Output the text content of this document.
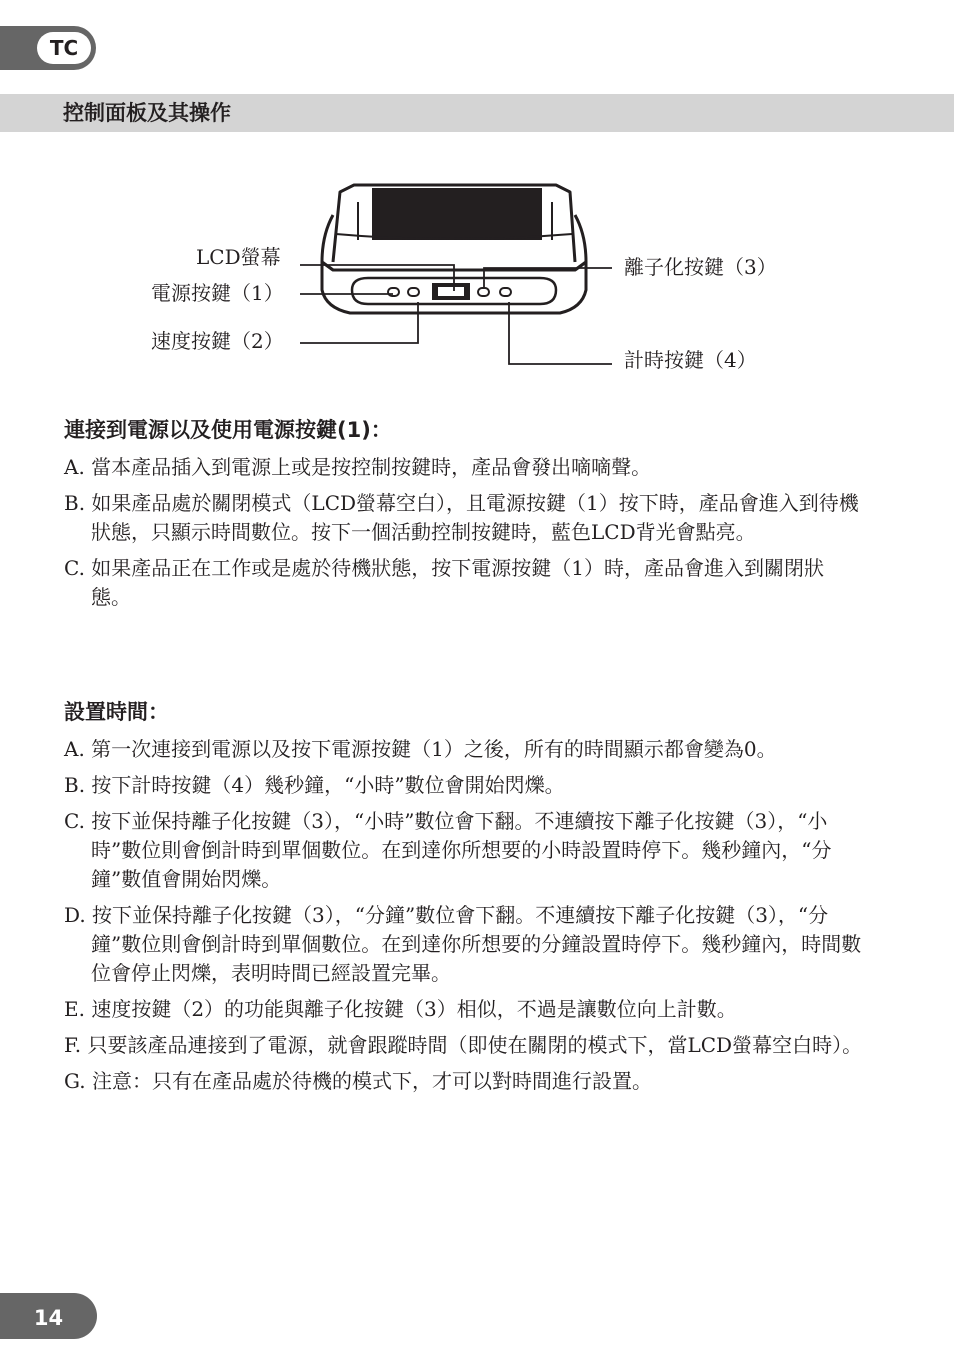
TC
控制面板及其操作
LCD螢幕
電源按鍵（1）
速度按鍵（2）
離子化按鍵（3）
計時按鍵（4）
連接到電源以及使用電源按鍵(1)：
A. 當本產品插入到電源上或是按控制按鍵時，產品會發出嘀嘀聲。
B. 如果產品處於關閉模式（LCD螢幕空白），且電源按鍵（1）按下時，產品會進入到待機狀態，只顯示時間數位。按下一個活動控制按鍵時，藍色LCD背光會點亮。
C. 如果產品正在工作或是處於待機狀態，按下電源按鍵（1）時，產品會進入到關閉狀態。
設置時間：
A. 第一次連接到電源以及按下電源按鍵（1）之後，所有的時間顯示都會變為0。
B. 按下計時按鍵（4）幾秒鐘，“小時”數位會開始閃爍。
C. 按下並保持離子化按鍵（3），“小時”數位會下翻。不連續按下離子化按鍵（3），“小時”數位則會倒計時到單個數位。在到達你所想要的小時設置時停下。幾秒鐘內，“分鐘”數值會開始閃爍。
D. 按下並保持離子化按鍵（3），“分鐘”數位會下翻。不連續按下離子化按鍵（3），“分鐘”數位則會倒計時到單個數位。在到達你所想要的分鐘設置時停下。幾秒鐘內，時間數位會停止閃爍，表明時間已經設置完畢。
E. 速度按鍵（2）的功能與離子化按鍵（3）相似，不過是讓數位向上計數。
F. 只要該產品連接到了電源，就會跟蹤時間（即使在關閉的模式下，當LCD螢幕空白時）。
G. 注意：只有在產品處於待機的模式下，才可以對時間進行設置。
14
